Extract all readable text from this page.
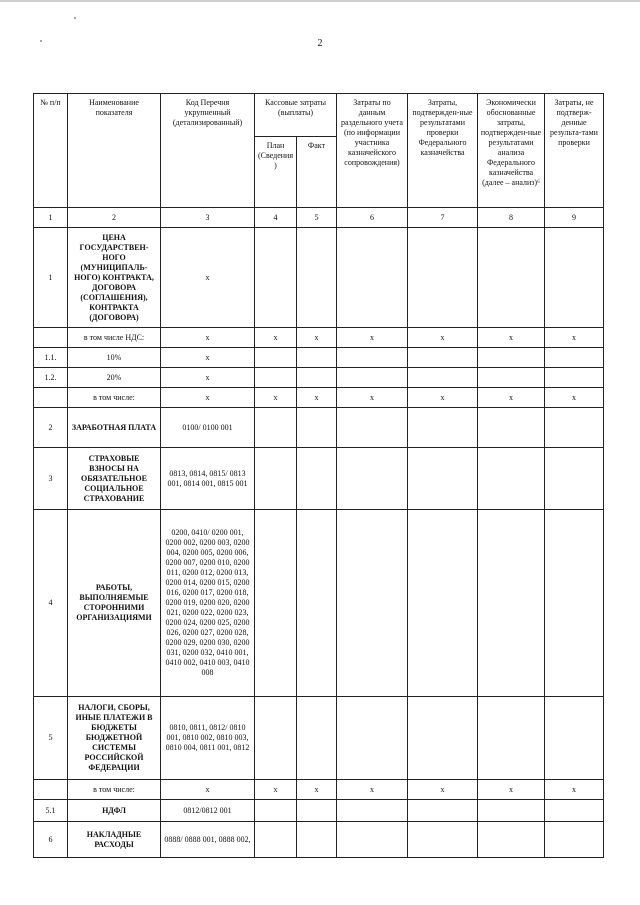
2
№ п/п	Наименование показателя	Код Перечня укрупненный (детализированный)	Кассовые затраты (выплаты)		Затраты по данным раздельного учета (по информации участника казначейского сопровождения)	Затраты, подтвержден-ные результатами проверки Федерального казначейства	Экономически обоснованные затраты, подтвержден-ные результатами анализа Федерального казначейства (далее – анализ)⁶	Затраты, не подтверж-денные результа-тами проверки
			План (Сведения)	Факт				
1	2	3	4	5	6	7	8	9
1	ЦЕНА ГОСУДАРСТВЕН-НОГО (МУНИЦИПАЛЬ-НОГО) КОНТРАКТА, ДОГОВОРА (СОГЛАШЕНИЯ), КОНТРАКТА (ДОГОВОРА)	x						
	в том числе НДС:	x	x	x	x	x	x	x
1.1.	10%	x						
1.2.	20%	x						
	в том числе:	x	x	x	x	x	x	x
2	ЗАРАБОТНАЯ ПЛАТА	0100/ 0100 001						
3	СТРАХОВЫЕ ВЗНОСЫ НА ОБЯЗАТЕЛЬНОЕ СОЦИАЛЬНОЕ СТРАХОВАНИЕ	0813, 0814, 0815/ 0813 001, 0814 001, 0815 001						
4	РАБОТЫ, ВЫПОЛНЯЕМЫЕ СТОРОННИМИ ОРГАНИЗАЦИЯМИ	0200, 0410/ 0200 001, 0200 002, 0200 003, 0200 004, 0200 005, 0200 006, 0200 007, 0200 010, 0200 011, 0200 012, 0200 013, 0200 014, 0200 015, 0200 016, 0200 017, 0200 018, 0200 019, 0200 020, 0200 021, 0200 022, 0200 023, 0200 024, 0200 025, 0200 026, 0200 027, 0200 028, 0200 029, 0200 030, 0200 031, 0200 032, 0410 001, 0410 002, 0410 003, 0410 008						
5	НАЛОГИ, СБОРЫ, ИНЫЕ ПЛАТЕЖИ В БЮДЖЕТЫ БЮДЖЕТНОЙ СИСТЕМЫ РОССИЙСКОЙ ФЕДЕРАЦИИ	0810, 0811, 0812/ 0810 001, 0810 002, 0810 003, 0810 004, 0811 001, 0812						
	в том числе:	x	x	x	x	x	x	x
5.1	НДФЛ	0812/0812 001						
6	НАКЛАДНЫЕ РАСХОДЫ	0888/ 0888 001, 0888 002,						
